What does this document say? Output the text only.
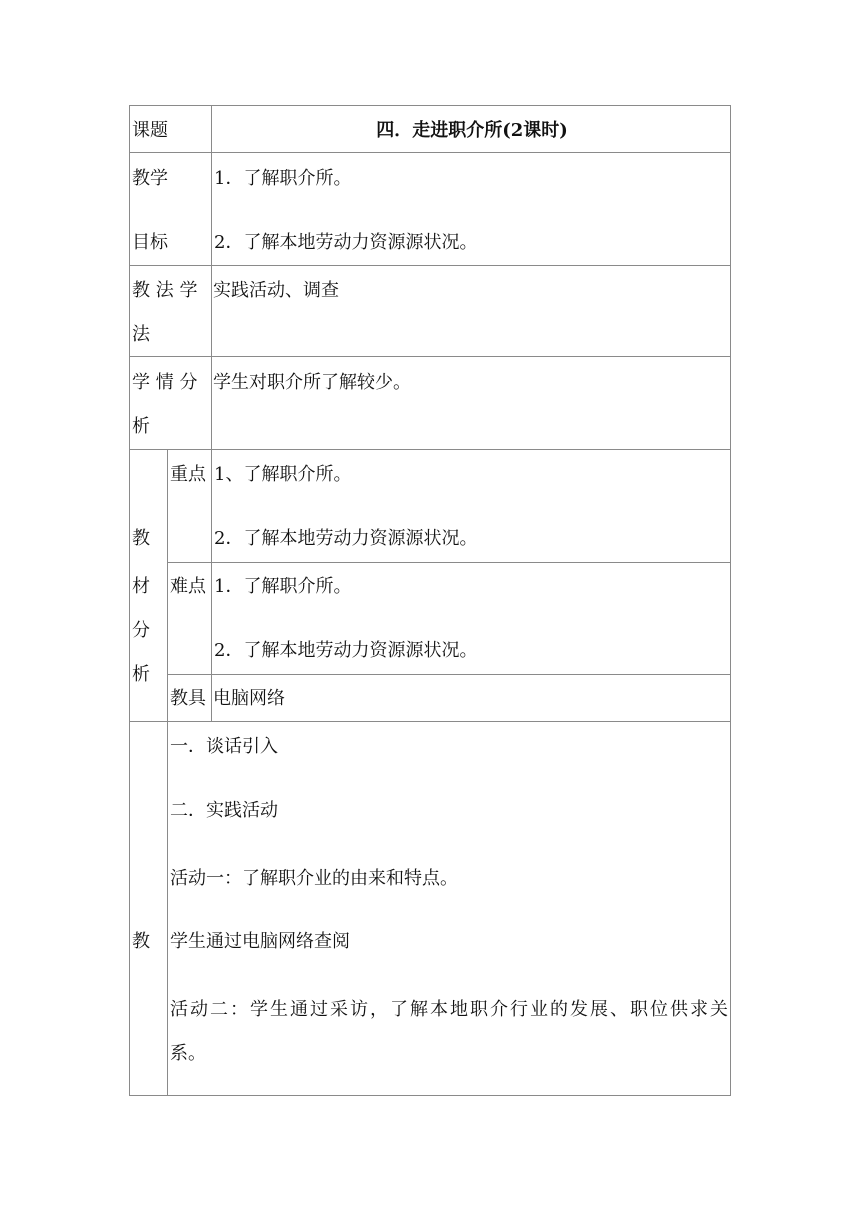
课题	四．走进职介所(2课时)
教学
目标
1．了解职介所。
2．了解本地劳动力资源源状况。
教 法 学
法
实践活动、调查
学 情 分
析
学生对职介所了解较少。
教
材
分
析
重点 1、了解职介所。
2．了解本地劳动力资源源状况。
难点 1．了解职介所。
2．了解本地劳动力资源源状况。
教具 电脑网络
教
一．谈话引入
二．实践活动
活动一：了解职介业的由来和特点。
学生通过电脑网络查阅
活动二：学生通过采访，了解本地职介行业的发展、职位供求关
系。
